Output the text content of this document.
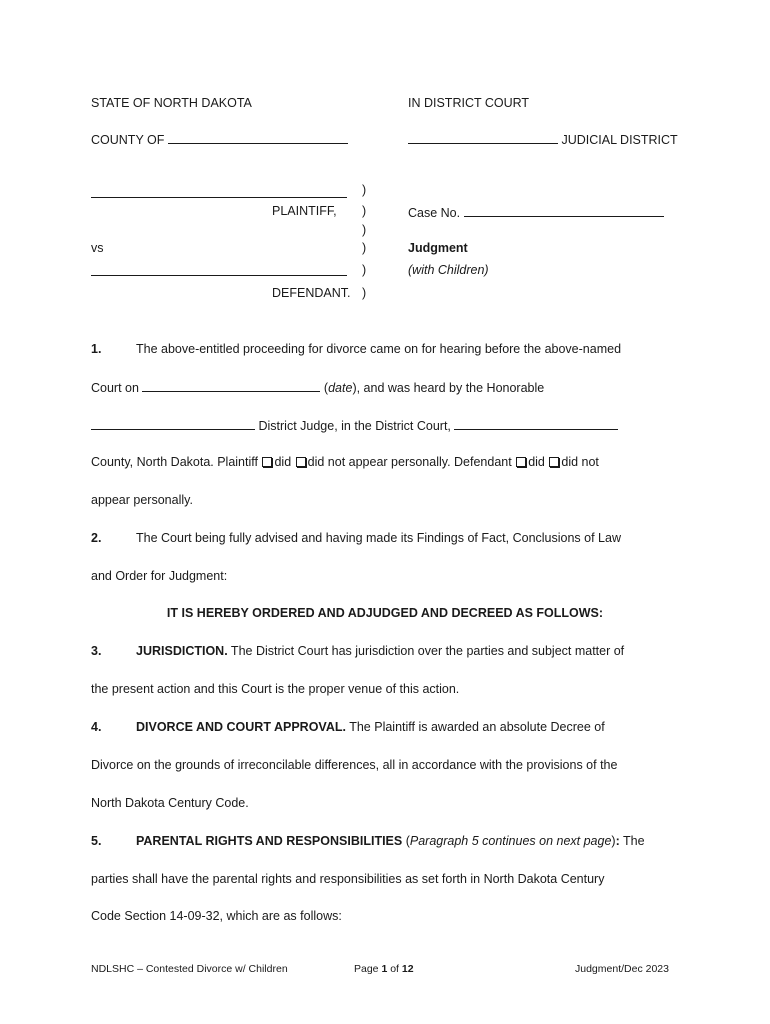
STATE OF NORTH DAKOTA	IN DISTRICT COURT
COUNTY OF	JUDICIAL DISTRICT
PLAINTIFF,
vs
DEFENDANT.
)
)
)
)
)
)
Case No.
Judgment
(with Children)
1.	The above-entitled proceeding for divorce came on for hearing before the above-named
Court on	(date), and was heard by the Honorable
District Judge, in the District Court,
County, North Dakota. Plaintiff did did not appear personally. Defendant did did not
appear personally.
2.	The Court being fully advised and having made its Findings of Fact, Conclusions of Law
and Order for Judgment:
IT IS HEREBY ORDERED AND ADJUDGED AND DECREED AS FOLLOWS:
3.	JURISDICTION. The District Court has jurisdiction over the parties and subject matter of
the present action and this Court is the proper venue of this action.
4.	DIVORCE AND COURT APPROVAL. The Plaintiff is awarded an absolute Decree of
Divorce on the grounds of irreconcilable differences, all in accordance with the provisions of the
North Dakota Century Code.
5.	PARENTAL RIGHTS AND RESPONSIBILITIES (Paragraph 5 continues on next page): The
parties shall have the parental rights and responsibilities as set forth in North Dakota Century
Code Section 14-09-32, which are as follows:
NDLSHC – Contested Divorce w/ Children	Page 1 of 12	Judgment/Dec 2023
